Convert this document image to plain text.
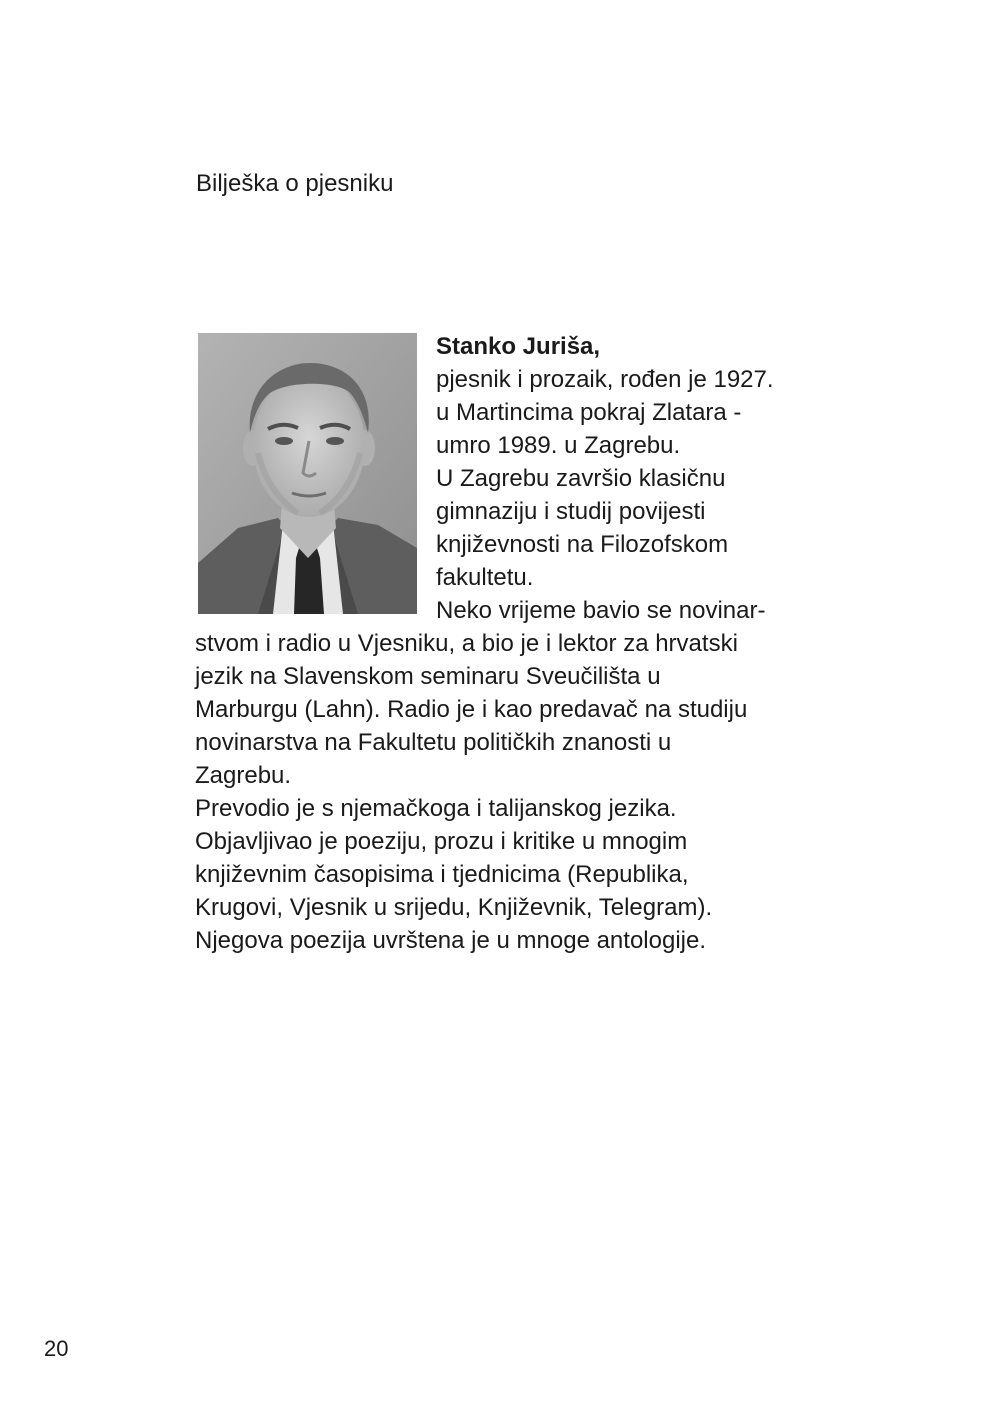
Bilješka o pjesniku
Stanko Juriša,
pjesnik i prozaik, rođen je 1927.
u Martincima pokraj Zlatara -
umro 1989. u Zagrebu.
U Zagrebu završio klasičnu
gimnaziju i studij povijesti
književnosti na Filozofskom
fakultetu.
Neko vrijeme bavio se novinar-
stvom i radio u Vjesniku, a bio je i lektor za hrvatski
jezik na Slavenskom seminaru Sveučilišta u
Marburgu (Lahn). Radio je i kao predavač na studiju
novinarstva na Fakultetu političkih znanosti u
Zagrebu.
Prevodio je s njemačkoga i talijanskog jezika.
Objavljivao je poeziju, prozu i kritike u mnogim
književnim časopisima i tjednicima (Republika,
Krugovi, Vjesnik u srijedu, Književnik, Telegram).
Njegova poezija uvrštena je u mnoge antologije.
20
